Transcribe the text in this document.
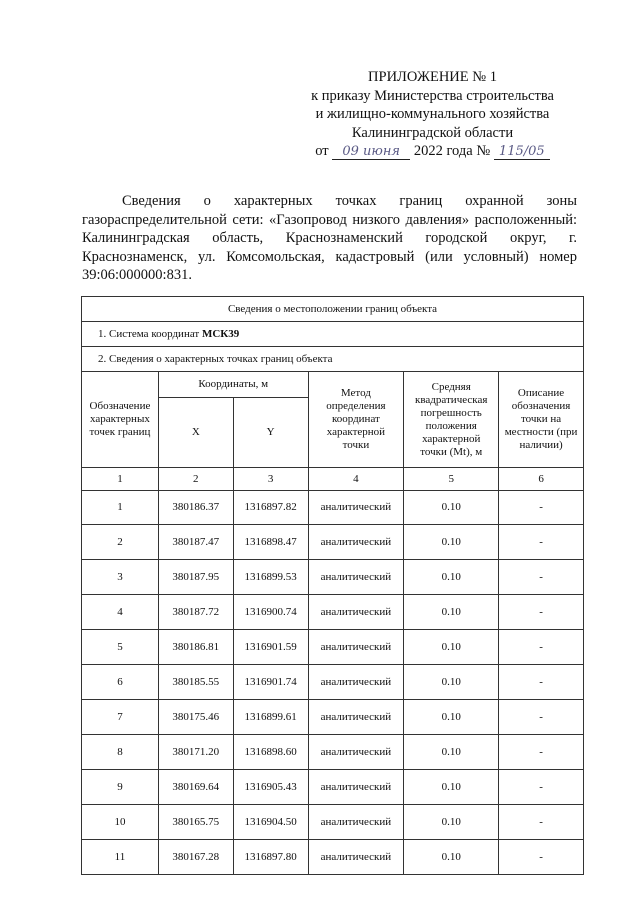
ПРИЛОЖЕНИЕ № 1
к приказу Министерства строительства
и жилищно-коммунального хозяйства
Калининградской области
от 09 июня 2022 года № 115/05

Сведения о характерных точках границ охранной зоны газораспределительной сети: «Газопровод низкого давления» расположенный: Калининградская область, Краснознаменский городской округ, г. Краснознаменск, ул. Комсомольская, кадастровый (или условный) номер 39:06:000000:831.

Сведения о местоположении границ объекта					
1. Система координат МСК39					
2. Сведения о характерных точках границ объекта					
Обозначение характерных точек границ	Координаты, м		Метод определения координат характерной точки	Средняя квадратическая погрешность положения характерной точки (Mt), м	Описание обозначения точки на местности (при наличии)
	X	Y			
1	2	3	4	5	6
1	380186.37	1316897.82	аналитический	0.10	-
2	380187.47	1316898.47	аналитический	0.10	-
3	380187.95	1316899.53	аналитический	0.10	-
4	380187.72	1316900.74	аналитический	0.10	-
5	380186.81	1316901.59	аналитический	0.10	-
6	380185.55	1316901.74	аналитический	0.10	-
7	380175.46	1316899.61	аналитический	0.10	-
8	380171.20	1316898.60	аналитический	0.10	-
9	380169.64	1316905.43	аналитический	0.10	-
10	380165.75	1316904.50	аналитический	0.10	-
11	380167.28	1316897.80	аналитический	0.10	-
